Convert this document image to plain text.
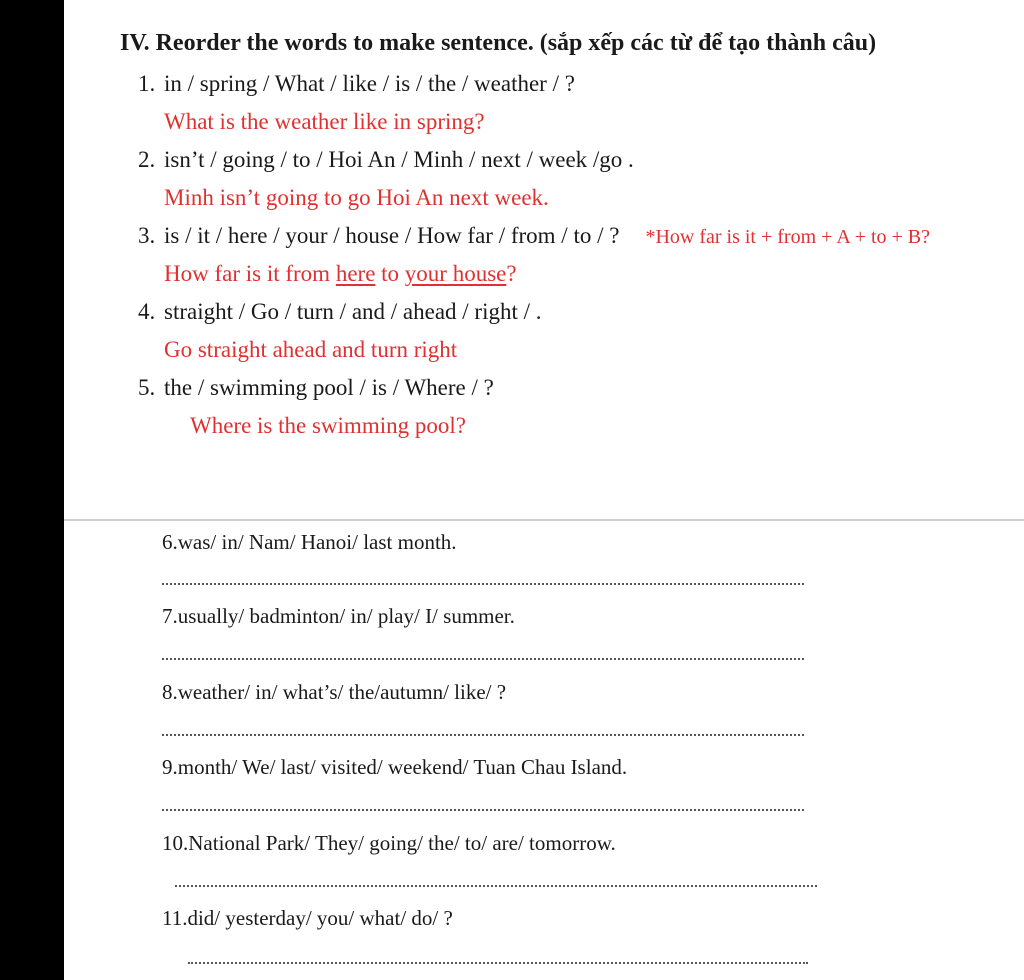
IV. Reorder the words to make sentence. (sắp xếp các từ để tạo thành câu)
1. in / spring / What / like / is / the / weather / ?
What is the weather like in spring?
2. isn’t / going / to / Hoi An / Minh / next / week /go .
Minh isn’t going to go Hoi An next week.
3. is / it / here / your / house / How far / from / to / ? *How far is it + from + A + to + B?
How far is it from here to your house?
4. straight / Go / turn / and / ahead / right / .
Go straight ahead and turn right
5. the / swimming pool / is / Where / ?
Where is the swimming pool?
6.was/ in/ Nam/ Hanoi/ last month.
7.usually/ badminton/ in/ play/ I/ summer.
8.weather/ in/ what’s/ the/autumn/ like/ ?
9.month/ We/ last/ visited/ weekend/ Tuan Chau Island.
10.National Park/ They/ going/ the/ to/ are/ tomorrow.
11.did/ yesterday/ you/ what/ do/ ?
